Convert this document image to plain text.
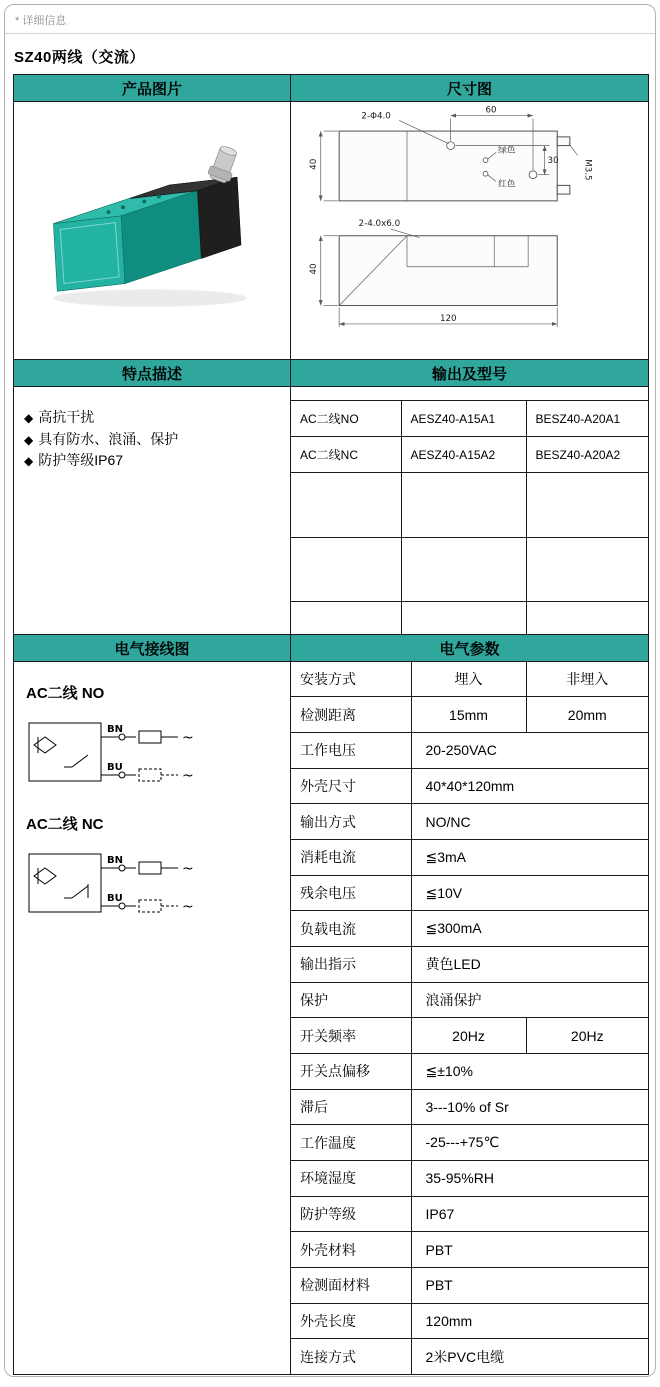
* 详细信息
SZ40两线（交流）
产品图片	尺寸图

2-Φ4.0
绿色
红色
60
40	30	M3.5
2-4.0x6.0
40
120

特点描述	输出及型号

◆ 高抗干扰
◆ 具有防水、浪涌、保护
◆ 防护等级IP67

AC二线NO	AESZ40-A15A1	BESZ40-A20A1
AC二线NC	AESZ40-A15A2	BESZ40-A20A2

电气接线图	电气参数

AC二线 NO
BN
~
BU
~
AC二线 NC
BN
~
BU
~

安装方式	埋入	非埋入
检测距离	15mm	20mm
工作电压	20-250VAC
外壳尺寸	40*40*120mm
输出方式	NO/NC
消耗电流	≦3mA
残余电压	≦10V
负载电流	≦300mA
输出指示	黄色LED
保护	浪涌保护
开关频率	20Hz	20Hz
开关点偏移	≦±10%
滞后	3---10% of Sr
工作温度	-25---+75℃
环境湿度	35-95%RH
防护等级	IP67
外壳材料	PBT
检测面材料	PBT
外壳长度	120mm
连接方式	2米PVC电缆
